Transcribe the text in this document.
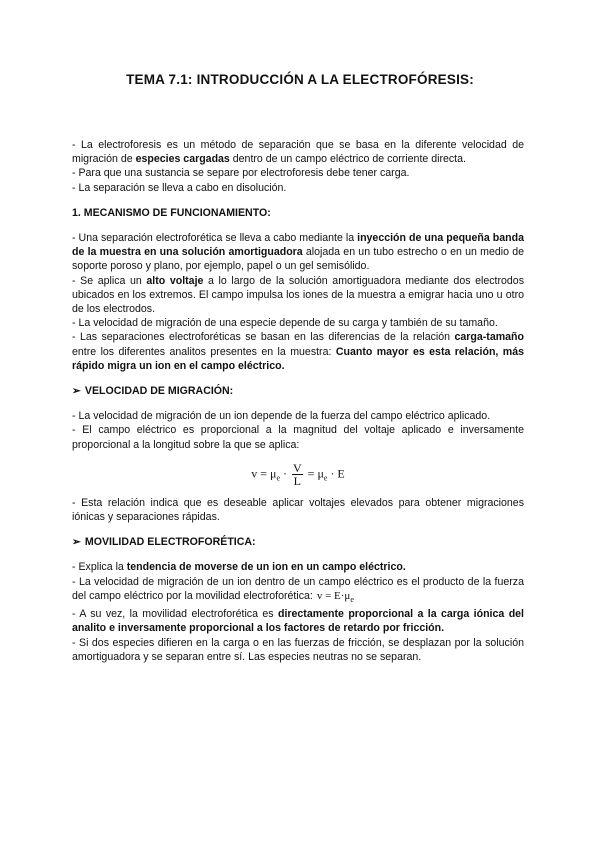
TEMA 7.1: INTRODUCCIÓN A LA ELECTROFÓRESIS:

- La electroforesis es un método de separación que se basa en la diferente velocidad de migración de especies cargadas dentro de un campo eléctrico de corriente directa.

- Para que una sustancia se separe por electroforesis debe tener carga.

- La separación se lleva a cabo en disolución.

1. MECANISMO DE FUNCIONAMIENTO:

- Una separación electroforética se lleva a cabo mediante la inyección de una pequeña banda de la muestra en una solución amortiguadora alojada en un tubo estrecho o en un medio de soporte poroso y plano, por ejemplo, papel o un gel semisólido.

- Se aplica un alto voltaje a lo largo de la solución amortiguadora mediante dos electrodos ubicados en los extremos. El campo impulsa los iones de la muestra a emigrar hacia uno u otro de los electrodos.

- La velocidad de migración de una especie depende de su carga y también de su tamaño.

- Las separaciones electroforéticas se basan en las diferencias de la relación carga-tamaño entre los diferentes analitos presentes en la muestra: Cuanto mayor es esta relación, más rápido migra un ion en el campo eléctrico.

➢ VELOCIDAD DE MIGRACIÓN:

- La velocidad de migración de un ion depende de la fuerza del campo eléctrico aplicado.

- El campo eléctrico es proporcional a la magnitud del voltaje aplicado e inversamente proporcional a la longitud sobre la que se aplica:

$v = \mu_e \cdot \frac{V}{L} = \mu_e \cdot E$

- Esta relación indica que es deseable aplicar voltajes elevados para obtener migraciones iónicas y separaciones rápidas.

➢ MOVILIDAD ELECTROFORÉTICA:

- Explica la tendencia de moverse de un ion en un campo eléctrico.

- La velocidad de migración de un ion dentro de un campo eléctrico es el producto de la fuerza del campo eléctrico por la movilidad electroforética: $v = E\cdot\mu_e$

- A su vez, la movilidad electroforética es directamente proporcional a la carga iónica del analito e inversamente proporcional a los factores de retardo por fricción.

- Si dos especies difieren en la carga o en las fuerzas de fricción, se desplazan por la solución amortiguadora y se separan entre sí. Las especies neutras no se separan.
